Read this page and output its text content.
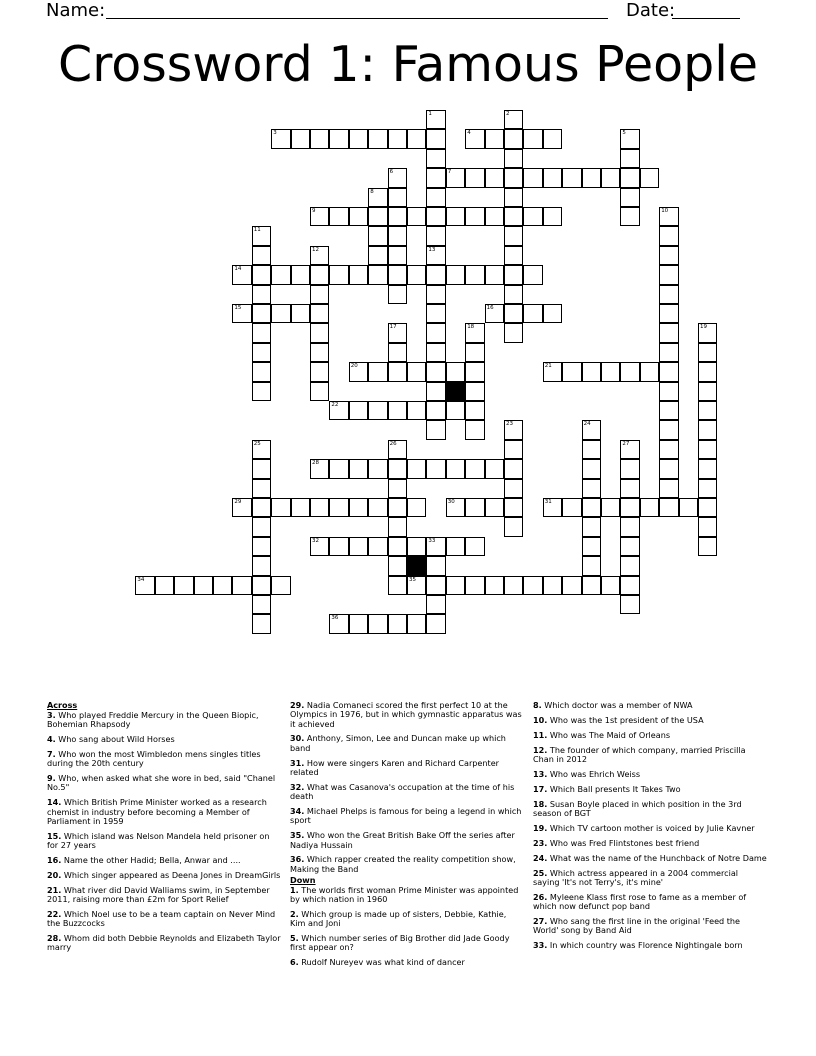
Name:	Date:
Crossword 1: Famous People
3	4
7
9
14
15	16
20	21
22
28
29	30	31
32	33
34	35
36
1
13
2
5
6
8
10
11
12
17	18	19
23	24
25	26	27
Across
3. Who played Freddie Mercury in the Queen Biopic, Bohemian Rhapsody
4. Who sang about Wild Horses
7. Who won the most Wimbledon mens singles titles during the 20th century
9. Who, when asked what she wore in bed, said "Chanel No.5"
14. Which British Prime Minister worked as a research chemist in industry before becoming a Member of Parliament in 1959
15. Which island was Nelson Mandela held prisoner on for 27 years
16. Name the other Hadid; Bella, Anwar and ....
20. Which singer appeared as Deena Jones in DreamGirls
21. What river did David Walliams swim, in September 2011, raising more than £2m for Sport Relief
22. Which Noel use to be a team captain on Never Mind the Buzzcocks
28. Whom did both Debbie Reynolds and Elizabeth Taylor marry
29. Nadia Comaneci scored the first perfect 10 at the Olympics in 1976, but in which gymnastic apparatus was it achieved
30. Anthony, Simon, Lee and Duncan make up which band
31. How were singers Karen and Richard Carpenter related
32. What was Casanova's occupation at the time of his death
34. Michael Phelps is famous for being a legend in which sport
35. Who won the Great British Bake Off the series after Nadiya Hussain
36. Which rapper created the reality competition show, Making the Band
Down
1. The worlds first woman Prime Minister was appointed by which nation in 1960
2. Which group is made up of sisters, Debbie, Kathie, Kim and Joni
5. Which number series of Big Brother did Jade Goody first appear on?
6. Rudolf Nureyev was what kind of dancer
8. Which doctor was a member of NWA
10. Who was the 1st president of the USA
11. Who was The Maid of Orleans
12. The founder of which company, married Priscilla Chan in 2012
13. Who was Ehrich Weiss
17. Which Ball presents It Takes Two
18. Susan Boyle placed in which position in the 3rd season of BGT
19. Which TV cartoon mother is voiced by Julie Kavner
23. Who was Fred Flintstones best friend
24. What was the name of the Hunchback of Notre Dame
25. Which actress appeared in a 2004 commercial saying 'It's not Terry's, it's mine'
26. Myleene Klass first rose to fame as a member of which now defunct pop band
27. Who sang the first line in the original 'Feed the World' song by Band Aid
33. In which country was Florence Nightingale born
